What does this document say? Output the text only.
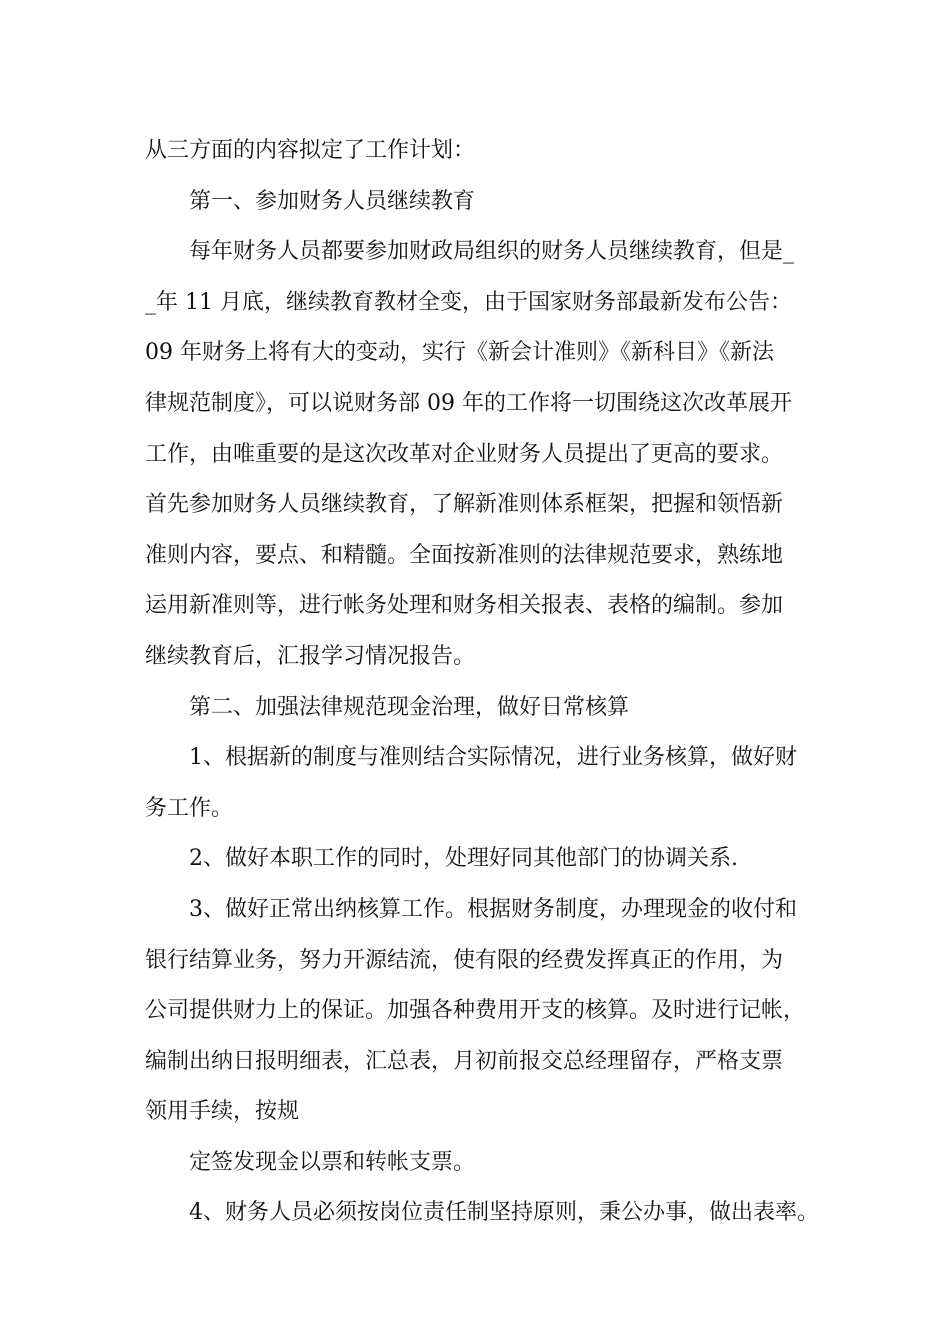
从三方面的内容拟定了工作计划：
第一、参加财务人员继续教育
每年财务人员都要参加财政局组织的财务人员继续教育，但是_
_年 11 月底，继续教育教材全变，由于国家财务部最新发布公告：
09 年财务上将有大的变动，实行《新会计准则》《新科目》《新法
律规范制度》，可以说财务部 09 年的工作将一切围绕这次改革展开
工作，由唯重要的是这次改革对企业财务人员提出了更高的要求。
首先参加财务人员继续教育，了解新准则体系框架，把握和领悟新
准则内容，要点、和精髓。全面按新准则的法律规范要求，熟练地
运用新准则等，进行帐务处理和财务相关报表、表格的编制。参加
继续教育后，汇报学习情况报告。
第二、加强法律规范现金治理，做好日常核算
1、根据新的制度与准则结合实际情况，进行业务核算，做好财
务工作。
2、做好本职工作的同时，处理好同其他部门的协调关系.
3、做好正常出纳核算工作。根据财务制度，办理现金的收付和
银行结算业务，努力开源结流，使有限的经费发挥真正的作用，为
公司提供财力上的保证。加强各种费用开支的核算。及时进行记帐，
编制出纳日报明细表，汇总表，月初前报交总经理留存，严格支票
领用手续，按规
定签发现金以票和转帐支票。
4、财务人员必须按岗位责任制坚持原则，秉公办事，做出表率。
